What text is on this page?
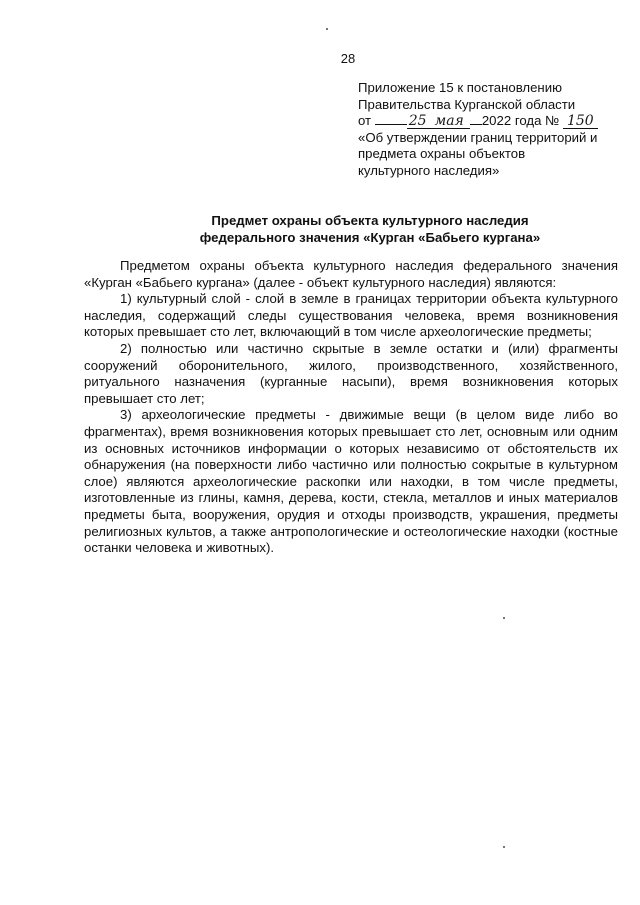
28
Приложение 15 к постановлению
Правительства Курганской области
от	25 мая 2022 года № 150
«Об утверждении границ территорий и
предмета охраны объектов
культурного наследия»
Предмет охраны объекта культурного наследия
федерального значения «Курган «Бабьего кургана»

Предметом охраны объекта культурного наследия федерального значения «Курган «Бабьего кургана» (далее - объект культурного наследия) являются:

1) культурный слой - слой в земле в границах территории объекта культурного наследия, содержащий следы существования человека, время возникновения которых превышает сто лет, включающий в том числе археологические предметы;

2) полностью или частично скрытые в земле остатки и (или) фрагменты сооружений оборонительного, жилого, производственного, хозяйственного, ритуального назначения (курганные насыпи), время возникновения которых превышает сто лет;

3) археологические предметы - движимые вещи (в целом виде либо во фрагментах), время возникновения которых превышает сто лет, основным или одним из основных источников информации о которых независимо от обстоятельств их обнаружения (на поверхности либо частично или полностью сокрытые в культурном слое) являются археологические раскопки или находки, в том числе предметы, изготовленные из глины, камня, дерева, кости, стекла, металлов и иных материалов предметы быта, вооружения, орудия и отходы производств, украшения, предметы религиозных культов, а также антропологические и остеологические находки (костные останки человека и животных).
